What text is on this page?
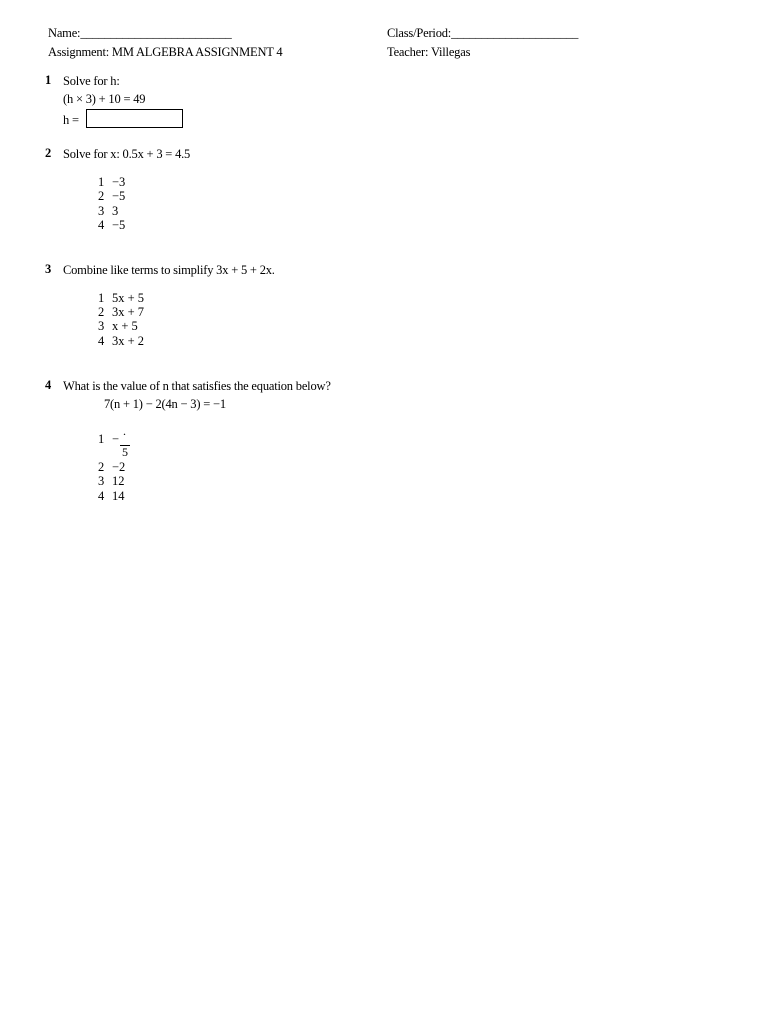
Name:_________________________	Class/Period:_____________________
Assignment: MM ALGEBRA ASSIGNMENT 4	Teacher: Villegas
1 Solve for h:
(h × 3) + 10 = 49
h =
2 Solve for x: 0.5x + 3 = 4.5
1 −3
2 −5
3 3
4 −5
3 Combine like terms to simplify 3x + 5 + 2x.
1 5x + 5
2 3x + 7
3 x + 5
4 3x + 2
4 What is the value of n that satisfies the equation below?
7(n + 1) − 2(4n − 3) = −1
1 −
.
5
2 −2
3 12
4 14
